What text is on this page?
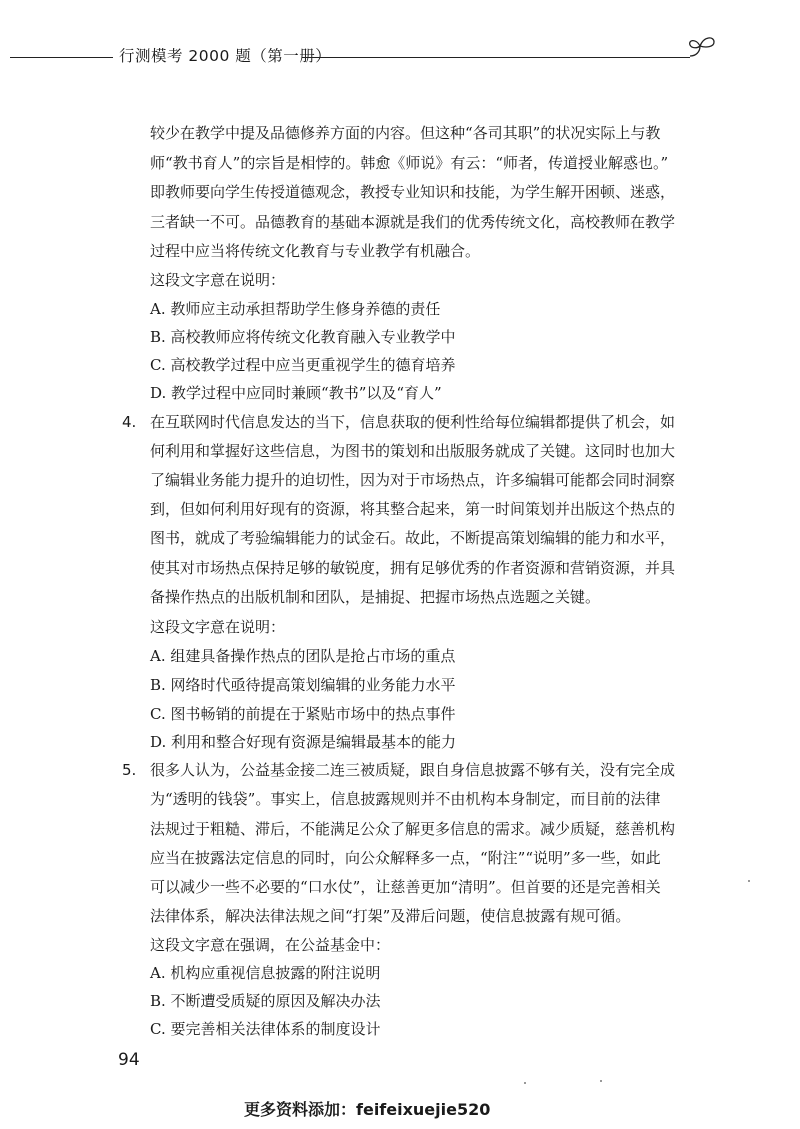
行测模考 2000 题（第一册）
较少在教学中提及品德修养方面的内容。但这种“各司其职”的状况实际上与教
师“教书育人”的宗旨是相悖的。韩愈《师说》有云：“师者，传道授业解惑也。”
即教师要向学生传授道德观念，教授专业知识和技能，为学生解开困顿、迷惑，
三者缺一不可。品德教育的基础本源就是我们的优秀传统文化，高校教师在教学
过程中应当将传统文化教育与专业教学有机融合。
这段文字意在说明：
A. 教师应主动承担帮助学生修身养德的责任
B. 高校教师应将传统文化教育融入专业教学中
C. 高校教学过程中应当更重视学生的德育培养
D. 教学过程中应同时兼顾“教书”以及“育人”
4. 在互联网时代信息发达的当下，信息获取的便利性给每位编辑都提供了机会，如
何利用和掌握好这些信息，为图书的策划和出版服务就成了关键。这同时也加大
了编辑业务能力提升的迫切性，因为对于市场热点，许多编辑可能都会同时洞察
到，但如何利用好现有的资源，将其整合起来，第一时间策划并出版这个热点的
图书，就成了考验编辑能力的试金石。故此，不断提高策划编辑的能力和水平，
使其对市场热点保持足够的敏锐度，拥有足够优秀的作者资源和营销资源，并具
备操作热点的出版机制和团队，是捕捉、把握市场热点选题之关键。
这段文字意在说明：
A. 组建具备操作热点的团队是抢占市场的重点
B. 网络时代亟待提高策划编辑的业务能力水平
C. 图书畅销的前提在于紧贴市场中的热点事件
D. 利用和整合好现有资源是编辑最基本的能力
5. 很多人认为，公益基金接二连三被质疑，跟自身信息披露不够有关，没有完全成
为“透明的钱袋”。事实上，信息披露规则并不由机构本身制定，而目前的法律
法规过于粗糙、滞后，不能满足公众了解更多信息的需求。减少质疑，慈善机构
应当在披露法定信息的同时，向公众解释多一点，“附注”“说明”多一些，如此
可以减少一些不必要的“口水仗”，让慈善更加“清明”。但首要的还是完善相关
法律体系，解决法律法规之间“打架”及滞后问题，使信息披露有规可循。
这段文字意在强调，在公益基金中：
A. 机构应重视信息披露的附注说明
B. 不断遭受质疑的原因及解决办法
C. 要完善相关法律体系的制度设计
94
更多资料添加：feifeixuejie520
